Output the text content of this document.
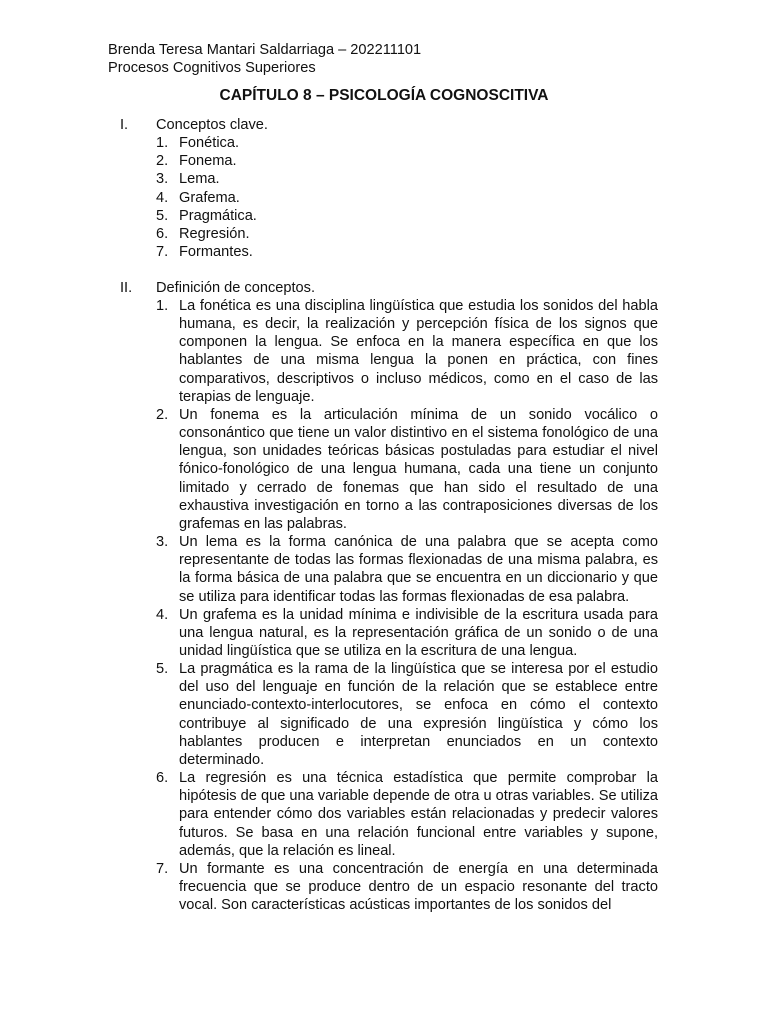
Brenda Teresa Mantari Saldarriaga – 202211101
Procesos Cognitivos Superiores
CAPÍTULO 8 – PSICOLOGÍA COGNOSCITIVA
I. Conceptos clave.
1. Fonética.
2. Fonema.
3. Lema.
4. Grafema.
5. Pragmática.
6. Regresión.
7. Formantes.
II. Definición de conceptos.
1. La fonética es una disciplina lingüística que estudia los sonidos del habla humana, es decir, la realización y percepción física de los signos que componen la lengua. Se enfoca en la manera específica en que los hablantes de una misma lengua la ponen en práctica, con fines comparativos, descriptivos o incluso médicos, como en el caso de las terapias de lenguaje.
2. Un fonema es la articulación mínima de un sonido vocálico o consonántico que tiene un valor distintivo en el sistema fonológico de una lengua, son unidades teóricas básicas postuladas para estudiar el nivel fónico-fonológico de una lengua humana, cada una tiene un conjunto limitado y cerrado de fonemas que han sido el resultado de una exhaustiva investigación en torno a las contraposiciones diversas de los grafemas en las palabras.
3. Un lema es la forma canónica de una palabra que se acepta como representante de todas las formas flexionadas de una misma palabra, es la forma básica de una palabra que se encuentra en un diccionario y que se utiliza para identificar todas las formas flexionadas de esa palabra.
4. Un grafema es la unidad mínima e indivisible de la escritura usada para una lengua natural, es la representación gráfica de un sonido o de una unidad lingüística que se utiliza en la escritura de una lengua.
5. La pragmática es la rama de la lingüística que se interesa por el estudio del uso del lenguaje en función de la relación que se establece entre enunciado-contexto-interlocutores, se enfoca en cómo el contexto contribuye al significado de una expresión lingüística y cómo los hablantes producen e interpretan enunciados en un contexto determinado.
6. La regresión es una técnica estadística que permite comprobar la hipótesis de que una variable depende de otra u otras variables. Se utiliza para entender cómo dos variables están relacionadas y predecir valores futuros. Se basa en una relación funcional entre variables y supone, además, que la relación es lineal.
7. Un formante es una concentración de energía en una determinada frecuencia que se produce dentro de un espacio resonante del tracto vocal. Son características acústicas importantes de los sonidos del
